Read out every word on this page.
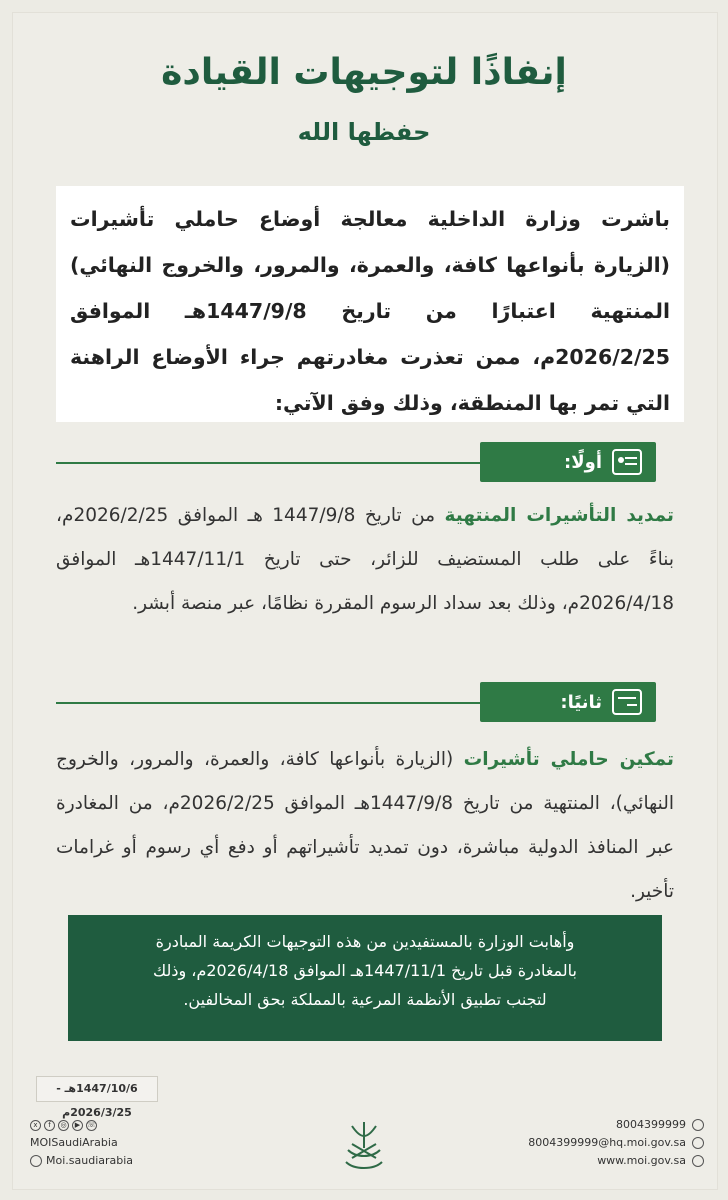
إنفاذًا لتوجيهات القيادة
حفظها الله
باشرت وزارة الداخلية معالجة أوضاع حاملي تأشيرات (الزيارة بأنواعها كافة، والعمرة، والمرور، والخروج النهائي) المنتهية اعتبارًا من تاريخ 1447/9/8هـ الموافق 2026/2/25م، ممن تعذرت مغادرتهم جراء الأوضاع الراهنة التي تمر بها المنطقة، وذلك وفق الآتي:
أولًا:
تمديد التأشيرات المنتهية من تاريخ 1447/9/8 هـ الموافق 2026/2/25م، بناءً على طلب المستضيف للزائر، حتى تاريخ 1447/11/1هـ الموافق 2026/4/18م، وذلك بعد سداد الرسوم المقررة نظامًا، عبر منصة أبشر.
ثانيًا:
تمكين حاملي تأشيرات (الزيارة بأنواعها كافة، والعمرة، والمرور، والخروج النهائي)، المنتهية من تاريخ 1447/9/8هـ الموافق 2026/2/25م، من المغادرة عبر المنافذ الدولية مباشرة، دون تمديد تأشيراتهم أو دفع أي رسوم أو غرامات تأخير.
وأهابت الوزارة بالمستفيدين من هذه التوجيهات الكريمة المبادرة
بالمغادرة قبل تاريخ 1447/11/1هـ الموافق 2026/4/18م، وذلك
لتجنب تطبيق الأنظمة المرعية بالمملكة بحق المخالفين.
1447/10/6هـ - 2026/3/25م
x	f	◎	▶ ☏
MOISaudiArabia
Moi.saudiarabia
8004399999
8004399999@hq.moi.gov.sa
www.moi.gov.sa
